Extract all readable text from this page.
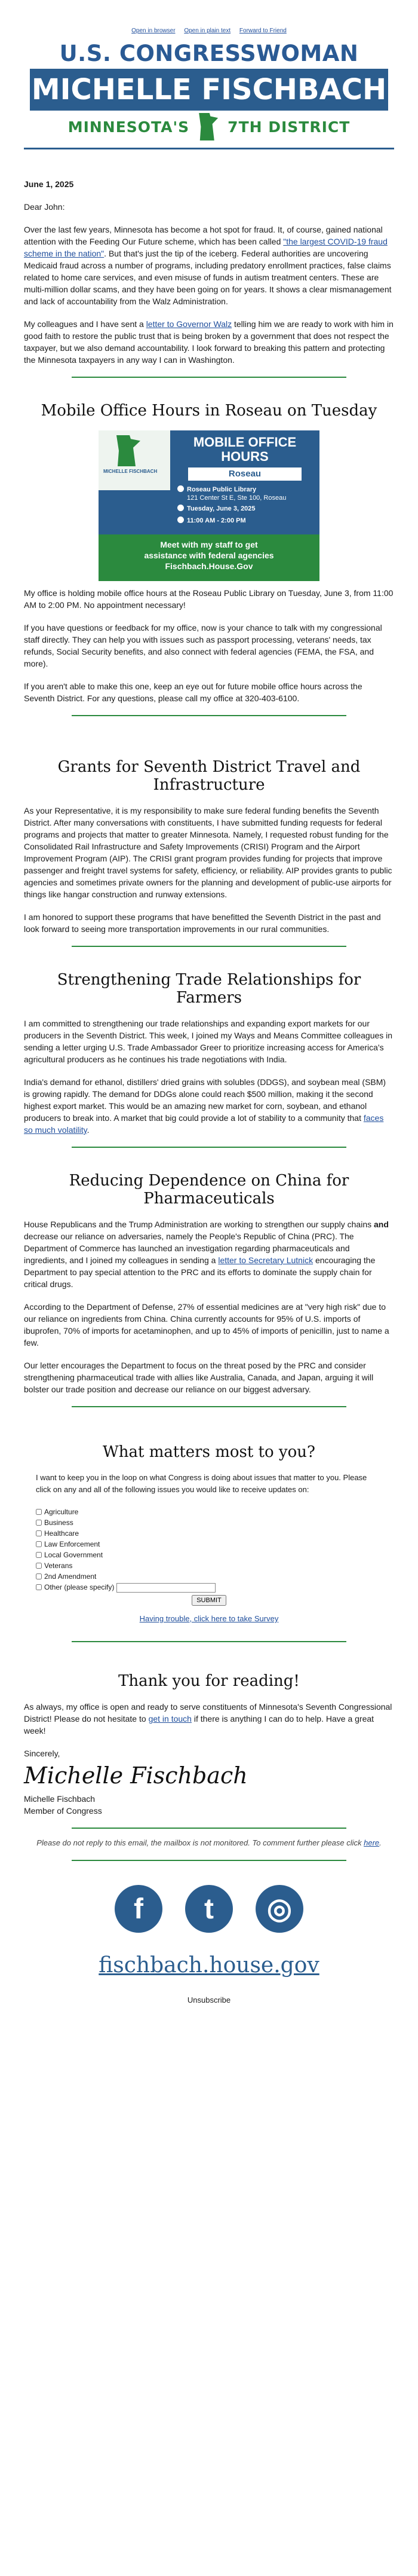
Open in browser Open in plain text Forward to Friend
U.S. CONGRESSWOMAN
MICHELLE FISCHBACH
MINNESOTA'S	7TH DISTRICT

June 1, 2025

Dear John:

Over the last few years, Minnesota has become a hot spot for fraud. It, of course, gained national attention with the Feeding Our Future scheme, which has been called "the largest COVID-19 fraud scheme in the nation". But that's just the tip of the iceberg. Federal authorities are uncovering Medicaid fraud across a number of programs, including predatory enrollment practices, false claims related to home care services, and even misuse of funds in autism treatment centers. These are multi-million dollar scams, and they have been going on for years. It shows a clear mismanagement and lack of accountability from the Walz Administration.

My colleagues and I have sent a letter to Governor Walz telling him we are ready to work with him in good faith to restore the public trust that is being broken by a government that does not respect the taxpayer, but we also demand accountability. I look forward to breaking this pattern and protecting the Minnesota taxpayers in any way I can in Washington.

Mobile Office Hours in Roseau on Tuesday
MICHELLE FISCHBACH
MOBILE OFFICE
HOURS
Roseau
Roseau Public Library
121 Center St E, Ste 100, Roseau
Tuesday, June 3, 2025
11:00 AM - 2:00 PM
Meet with my staff to get
assistance with federal agencies
Fischbach.House.Gov

My office is holding mobile office hours at the Roseau Public Library on Tuesday, June 3, from 11:00 AM to 2:00 PM. No appointment necessary!

If you have questions or feedback for my office, now is your chance to talk with my congressional staff directly. They can help you with issues such as passport processing, veterans' needs, tax refunds, Social Security benefits, and also connect with federal agencies (FEMA, the FSA, and more).

If you aren't able to make this one, keep an eye out for future mobile office hours across the Seventh District. For any questions, please call my office at 320-403-6100.

Grants for Seventh District Travel and Infrastructure

As your Representative, it is my responsibility to make sure federal funding benefits the Seventh District. After many conversations with constituents, I have submitted funding requests for federal programs and projects that matter to greater Minnesota. Namely, I requested robust funding for the Consolidated Rail Infrastructure and Safety Improvements (CRISI) Program and the Airport Improvement Program (AIP). The CRISI grant program provides funding for projects that improve passenger and freight travel systems for safety, efficiency, or reliability. AIP provides grants to public agencies and sometimes private owners for the planning and development of public-use airports for things like hangar construction and runway extensions.

I am honored to support these programs that have benefitted the Seventh District in the past and look forward to seeing more transportation improvements in our rural communities.

Strengthening Trade Relationships for Farmers

I am committed to strengthening our trade relationships and expanding export markets for our producers in the Seventh District. This week, I joined my Ways and Means Committee colleagues in sending a letter urging U.S. Trade Ambassador Greer to prioritize increasing access for America's agricultural producers as he continues his trade negotiations with India.

India's demand for ethanol, distillers' dried grains with solubles (DDGS), and soybean meal (SBM) is growing rapidly. The demand for DDGs alone could reach $500 million, making it the second highest export market. This would be an amazing new market for corn, soybean, and ethanol producers to break into. A market that big could provide a lot of stability to a community that faces so much volatility.

Reducing Dependence on China for Pharmaceuticals

House Republicans and the Trump Administration are working to strengthen our supply chains and decrease our reliance on adversaries, namely the People's Republic of China (PRC). The Department of Commerce has launched an investigation regarding pharmaceuticals and ingredients, and I joined my colleagues in sending a letter to Secretary Lutnick encouraging the Department to pay special attention to the PRC and its efforts to dominate the supply chain for critical drugs.

According to the Department of Defense, 27% of essential medicines are at "very high risk" due to our reliance on ingredients from China. China currently accounts for 95% of U.S. imports of ibuprofen, 70% of imports for acetaminophen, and up to 45% of imports of penicillin, just to name a few.

Our letter encourages the Department to focus on the threat posed by the PRC and consider strengthening pharmaceutical trade with allies like Australia, Canada, and Japan, arguing it will bolster our trade position and decrease our reliance on our biggest adversary.

What matters most to you?

I want to keep you in the loop on what Congress is doing about issues that matter to you. Please click on any and all of the following issues you would like to receive updates on:

Agriculture
Business
Healthcare
Law Enforcement
Local Government
Veterans
2nd Amendment
Other (please specify)
SUBMIT
Having trouble, click here to take Survey
Thank you for reading!

As always, my office is open and ready to serve constituents of Minnesota's Seventh Congressional District! Please do not hesitate to get in touch if there is anything I can do to help. Have a great week!

Sincerely,

Michelle Fischbach

Michelle Fischbach
Member of Congress

Please do not reply to this email, the mailbox is not monitored. To comment further please click here.

f	t	◎
fischbach.house.gov
Unsubscribe
